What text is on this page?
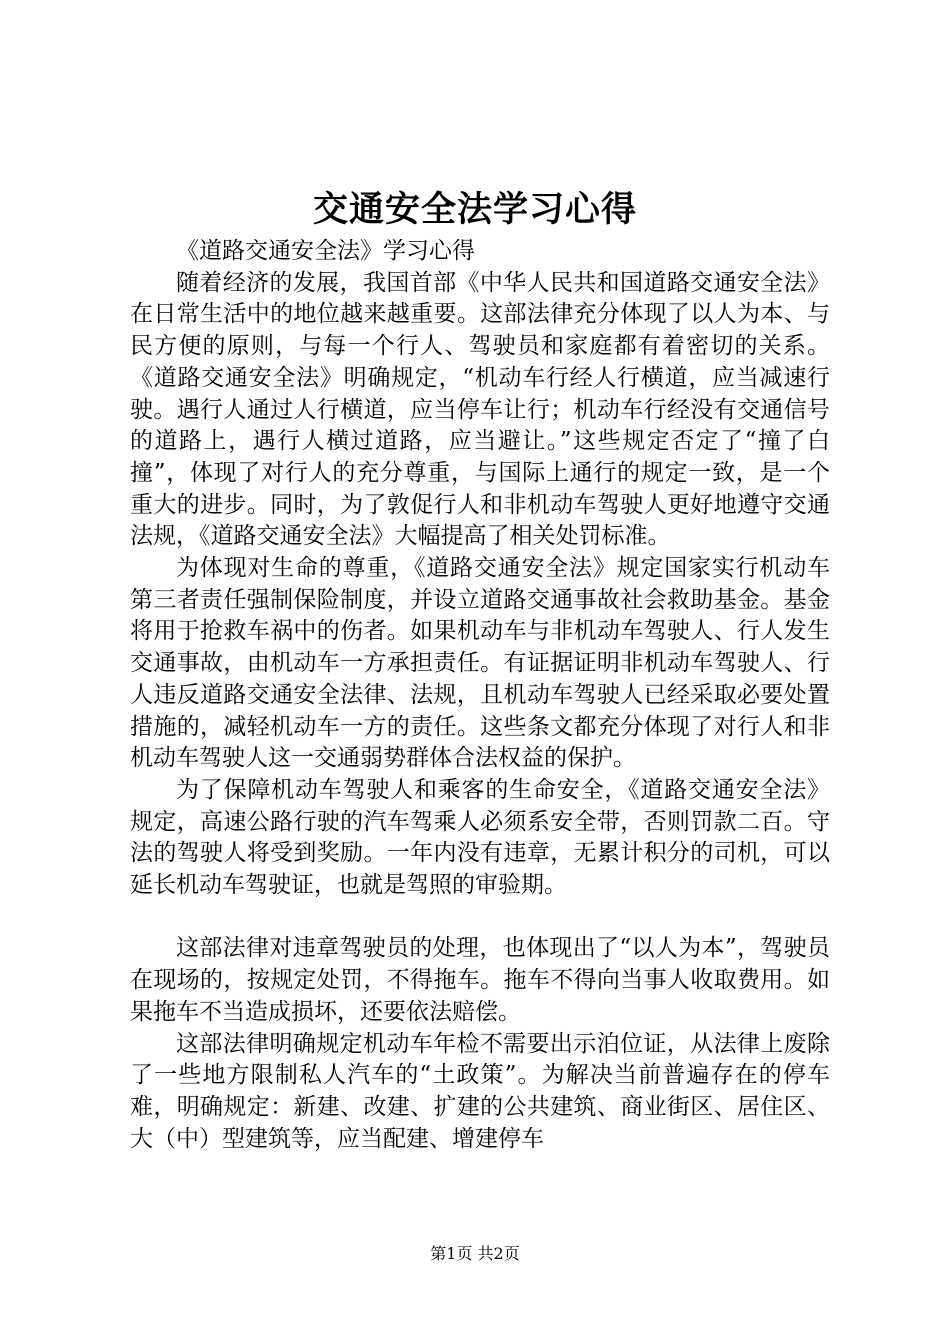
交通安全法学习心得

《道路交通安全法》学习心得

随着经济的发展，我国首部《中华人民共和国道路交通安全法》在日常生活中的地位越来越重要。这部法律充分体现了以人为本、与民方便的原则，与每一个行人、驾驶员和家庭都有着密切的关系。《道路交通安全法》明确规定，“机动车行经人行横道，应当减速行驶。遇行人通过人行横道，应当停车让行；机动车行经没有交通信号的道路上，遇行人横过道路，应当避让。”这些规定否定了“撞了白撞”，体现了对行人的充分尊重，与国际上通行的规定一致，是一个重大的进步。同时，为了敦促行人和非机动车驾驶人更好地遵守交通法规，《道路交通安全法》大幅提高了相关处罚标准。

为体现对生命的尊重，《道路交通安全法》规定国家实行机动车第三者责任强制保险制度，并设立道路交通事故社会救助基金。基金将用于抢救车祸中的伤者。如果机动车与非机动车驾驶人、行人发生交通事故，由机动车一方承担责任。有证据证明非机动车驾驶人、行人违反道路交通安全法律、法规，且机动车驾驶人已经采取必要处置措施的，减轻机动车一方的责任。这些条文都充分体现了对行人和非机动车驾驶人这一交通弱势群体合法权益的保护。

为了保障机动车驾驶人和乘客的生命安全，《道路交通安全法》规定，高速公路行驶的汽车驾乘人必须系安全带，否则罚款二百。守法的驾驶人将受到奖励。一年内没有违章，无累计积分的司机，可以延长机动车驾驶证，也就是驾照的审验期。

这部法律对违章驾驶员的处理，也体现出了“以人为本”，驾驶员在现场的，按规定处罚，不得拖车。拖车不得向当事人收取费用。如果拖车不当造成损坏，还要依法赔偿。

这部法律明确规定机动车年检不需要出示泊位证，从法律上废除了一些地方限制私人汽车的“土政策”。为解决当前普遍存在的停车难，明确规定：新建、改建、扩建的公共建筑、商业街区、居住区、大（中）型建筑等，应当配建、增建停车

第1页 共2页
